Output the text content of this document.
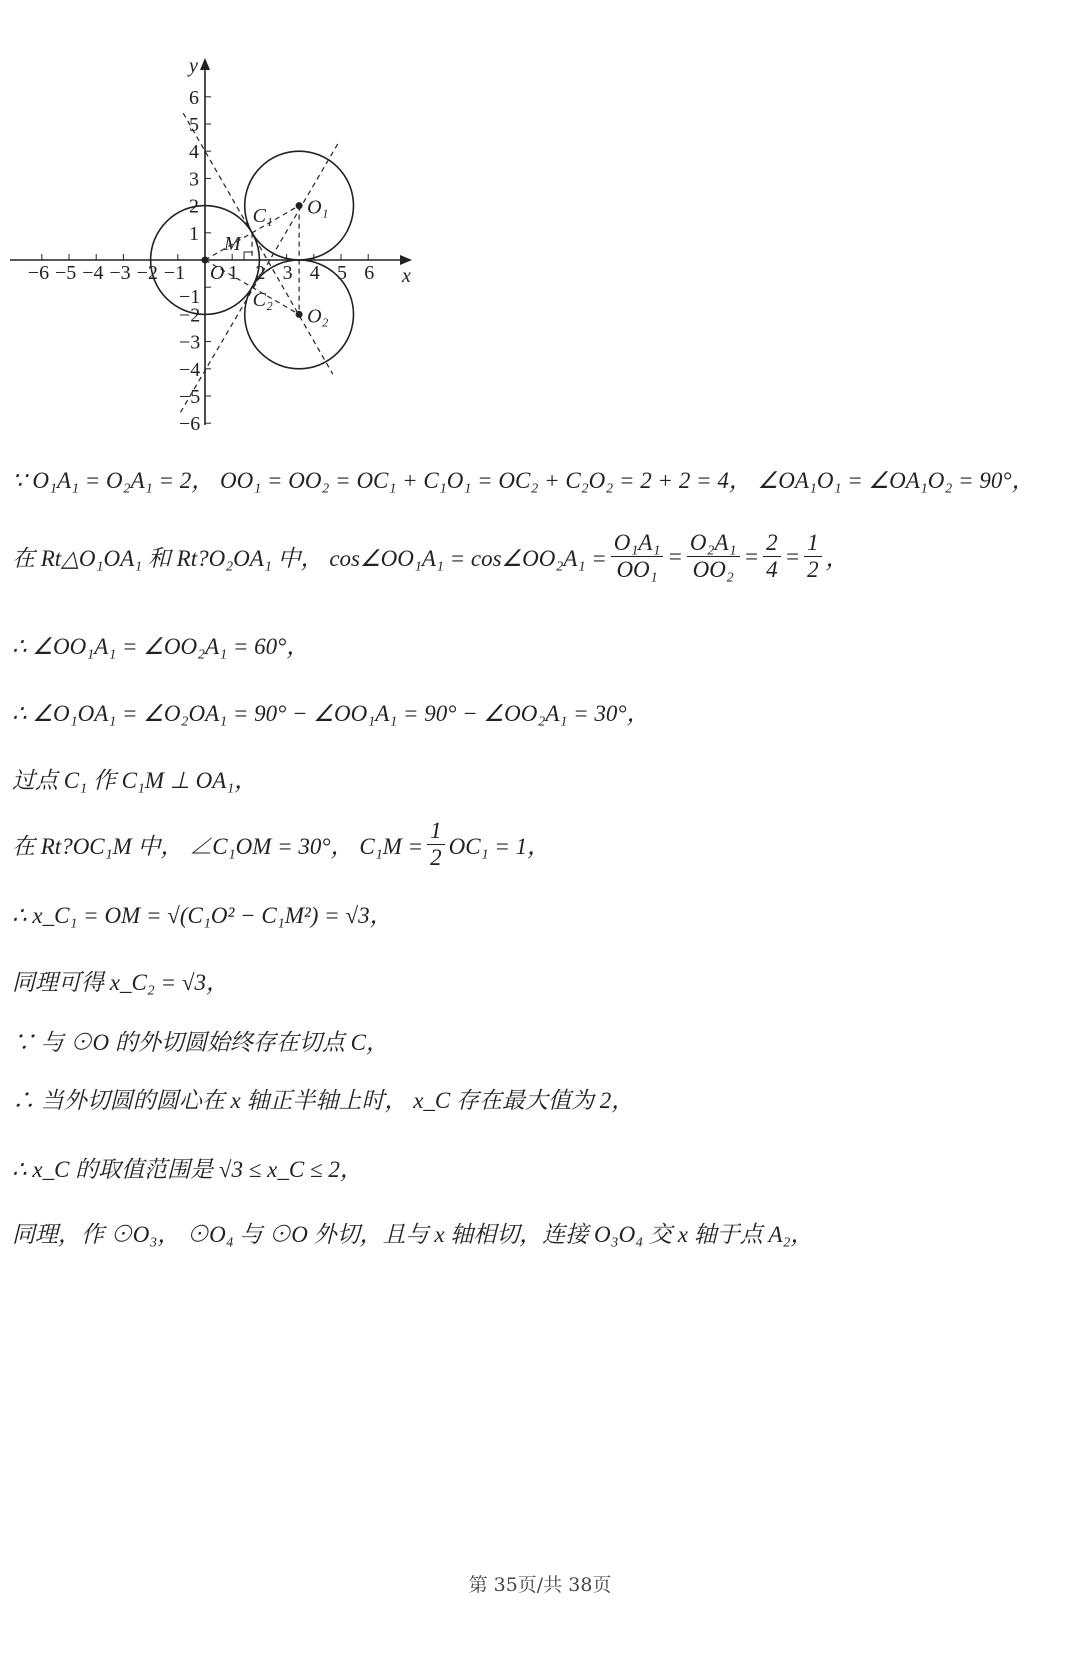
x
y
−6 −5 −4 −3 −2 −1 1 2 3 4 5 6
6
5
4
3
2
1
−1
−2
−3
−4
−5
−6
O
O₁
O₂
C₁
C₂
M
∵ O₁A₁ = O₂A₁ = 2， OO₁ = OO₂ = OC₁ + C₁O₁ = OC₂ + C₂O₂ = 2 + 2 = 4， ∠OA₁O₁ = ∠OA₁O₂ = 90°，
在 Rt△O₁OA₁ 和 Rt?O₂OA₁ 中， cos∠OO₁A₁ = cos∠OO₂A₁ = $\frac{\text{O₁A₁}}{\text{OO₁}} = \frac{\text{O₂A₁}}{\text{OO₂}} = \frac{2}{4} = \frac{1}{2}$ ，
∴ ∠OO₁A₁ = ∠OO₂A₁ = 60°，
∴ ∠O₁OA₁ = ∠O₂OA₁ = 90° − ∠OO₁A₁ = 90° − ∠OO₂A₁ = 30°，
过点 C₁ 作 C₁M ⊥ OA₁，
在 Rt?OC₁M 中， ∠C₁OM = 30°， $C_1M = \frac{1}{2} OC_1 = 1$，
∴ x_C₁ = OM = √(C₁O² − C₁M²) = √3，
同理可得 x_C₂ = √3，
∵ 与 ⊙O 的外切圆始终存在切点 C，
∴ 当外切圆的圆心在 x 轴正半轴上时， x_C 存在最大值为 2，
∴ x_C 的取值范围是 √3 ≤ x_C ≤ 2，
同理，作 ⊙O₃， ⊙O₄ 与 ⊙O 外切，且与 x 轴相切，连接 O₃O₄ 交 x 轴于点 A₂，
第 35页/共 38页
